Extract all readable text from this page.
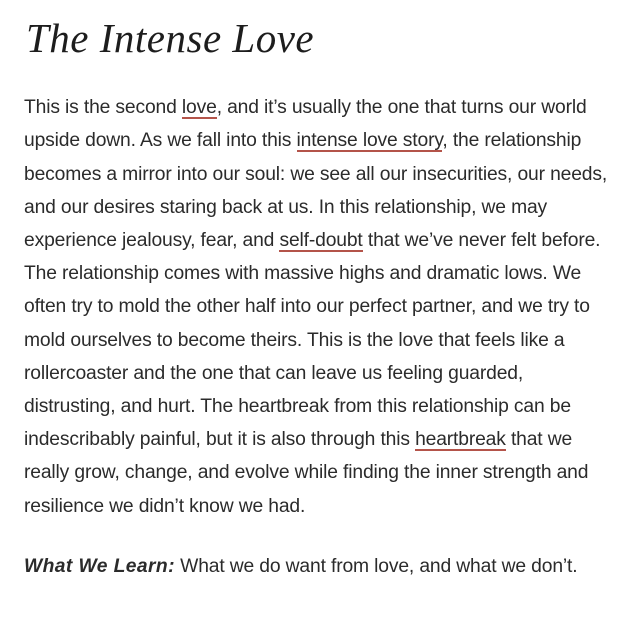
The Intense Love

This is the second love, and it’s usually the one that turns our world upside down. As we fall into this intense love story, the relationship becomes a mirror into our soul: we see all our insecurities, our needs, and our desires staring back at us. In this relationship, we may experience jealousy, fear, and self-doubt that we’ve never felt before. The relationship comes with massive highs and dramatic lows. We often try to mold the other half into our perfect partner, and we try to mold ourselves to become theirs. This is the love that feels like a rollercoaster and the one that can leave us feeling guarded, distrusting, and hurt. The heartbreak from this relationship can be indescribably painful, but it is also through this heartbreak that we really grow, change, and evolve while finding the inner strength and resilience we didn’t know we had.

What We Learn: What we do want from love, and what we don’t.
